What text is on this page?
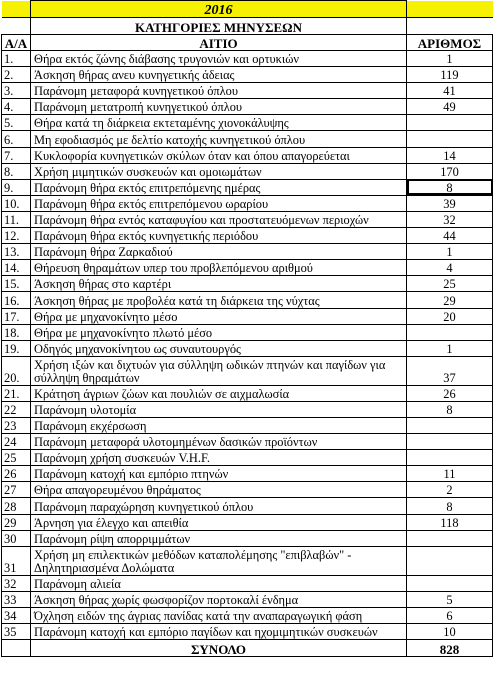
	2016	
	ΚΑΤΗΓΟΡΙΕΣ ΜΗΝΥΣΕΩΝ	
Α/Α	ΑΙΤΙΟ	ΑΡΙΘΜΟΣ
1.	Θήρα εκτός ζώνης διάβασης τρυγονιών και ορτυκιών	1
2.	Άσκηση θήρας ανευ κυνηγετικής άδειας	119
3.	Παράνομη μεταφορά κυνηγετικού όπλου	41
4.	Παράνομη μετατροπή κυνηγετικού όπλου	49
5.	Θήρα κατά τη διάρκεια εκτεταμένης χιονοκάλυψης	
6.	Μη εφοδιασμός με δελτίο κατοχής κυνηγετικού όπλου	
7.	Κυκλοφορία κυνηγετικών σκύλων όταν και όπου απαγορεύεται	14
8.	Χρήση μιμητικών συσκευών και ομοιωμάτων	170
9.	Παράνομη θήρα εκτός επιτρεπόμενης ημέρας	8
10.	Παράνομη θήρα εκτός επιτρεπόμενου ωραρίου	39
11.	Παράνομη θήρα εντός καταφυγίου και προστατευόμενων περιοχών	32
12.	Παράνομη θήρα εκτός κυνηγετικής περιόδου	44
13.	Παράνομη θήρα Ζαρκαδιού	1
14.	Θήρευση θηραμάτων υπερ του προβλεπόμενου αριθμού	4
15.	Άσκηση θήρας στο καρτέρι	25
16.	Άσκηση θήρας με προβολέα κατά τη διάρκεια της νύχτας	29
17.	Θήρα με μηχανοκίνητο μέσο	20
18.	Θήρα με μηχανοκίνητο πλωτό μέσο	
19.	Οδηγός μηχανοκίνητου ως συναυτουργός	1
20.	Χρήση ιξών και διχτυών για σύλληψη ωδικών πτηνών και παγίδων για σύλληψη θηραμάτων	37
21.	Κράτηση άγριων ζώων και πουλιών σε αιχμαλωσία	26
22	Παράνομη υλοτομία	8
23	Παράνομη εκχέρσωση	
24	Παράνομη μεταφορά υλοτομημένων δασικών προϊόντων	
25	Παράνομη χρήση συσκευών V.H.F.	
26	Παράνομη κατοχή και εμπόριο πτηνών	11
27	Θήρα απαγορευμένου θηράματος	2
28	Παράνομη παραχώρηση κυνηγετικού όπλου	8
29	Άρνηση για έλεγχο και απειθία	118
30	Παράνομη ρίψη απορριμμάτων	
31	Χρήση μη επιλεκτικών μεθόδων καταπολέμησης "επιβλαβών" - Δηλητηριασμένα Δολώματα	
32	Παράνομη αλιεία	
33	Άσκηση θήρας χωρίς φωσφορίζον πορτοκαλί ένδημα	5
34	Όχληση ειδών της άγριας πανίδας κατά την αναπαραγωγική φάση	6
35	Παράνομη κατοχή και εμπόριο παγίδων και ηχομιμητικών συσκευών	10
	ΣΥΝΟΛΟ	828
